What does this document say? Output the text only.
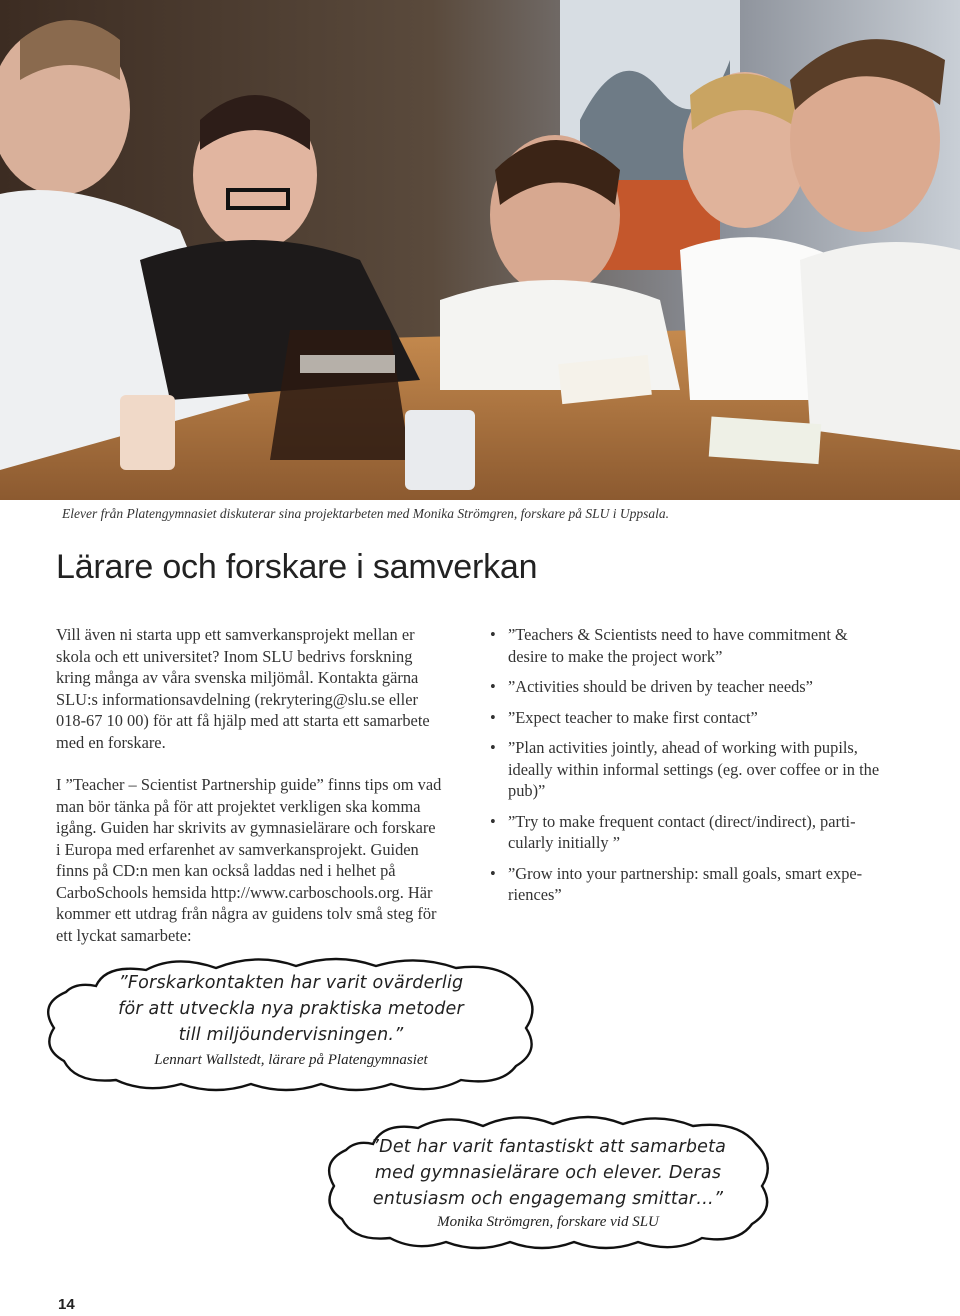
Elever från Platengymnasiet diskuterar sina projektarbeten med Monika Strömgren, forskare på SLU i Uppsala.
Lärare och forskare i samverkan

Vill även ni starta upp ett samverkansprojekt mellan er
skola och ett universitet? Inom SLU bedrivs forskning
kring många av våra svenska miljömål. Kontakta gärna
SLU:s informationsavdelning (rekrytering@slu.se eller
018-67 10 00) för att få hjälp med att starta ett samarbete
med en forskare.

I ”Teacher – Scientist Partnership guide” finns tips om vad
man bör tänka på för att projektet verkligen ska komma
igång. Guiden har skrivits av gymnasielärare och forskare
i Europa med erfarenhet av samverkansprojekt. Guiden
finns på CD:n men kan också laddas ned i helhet på
CarboSchools hemsida http://www.carboschools.org. Här
kommer ett utdrag från några av guidens tolv små steg för
ett lyckat samarbete:

• ”Teachers & Scientists need to have commitment &
desire to make the project work”
• ”Activities should be driven by teacher needs”
• ”Expect teacher to make first contact”
• ”Plan activities jointly, ahead of working with pupils,
ideally within informal settings (eg. over coffee or in the
pub)”
• ”Try to make frequent contact (direct/indirect), parti-
cularly initially ”
• ”Grow into your partnership: small goals, smart expe-
riences”
”Forskarkontakten har varit ovärderlig
för att utveckla nya praktiska metoder
till miljöundervisningen.”
Lennart Wallstedt, lärare på Platengymnasiet
”Det har varit fantastiskt att samarbeta
med gymnasielärare och elever. Deras
entusiasm och engagemang smittar…”
Monika Strömgren, forskare vid SLU
14
